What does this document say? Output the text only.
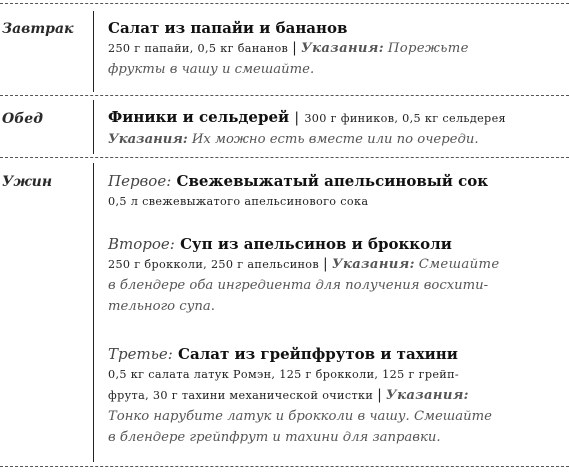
Завтрак Салат из папайи и бананов
250 г папайи, 0,5 кг бананов | Указания: Порежьте
фрукты в чашу и смешайте.
Обед	Финики и сельдерей | 300 г фиников, 0,5 кг сельдерея
Указания: Их можно есть вместе или по очереди.
Ужин	Первое: Свежевыжатый апельсиновый сок
0,5 л свежевыжатого апельсинового сока
Второе: Суп из апельсинов и брокколи
250 г брокколи, 250 г апельсинов | Указания: Смешайте
в блендере оба ингредиента для получения восхити-
тельного супа.
Третье: Салат из грейпфрутов и тахини
0,5 кг салата латук Ромэн, 125 г брокколи, 125 г грейп-
фрута, 30 г тахини механической очистки | Указания:
Тонко нарубите латук и брокколи в чашу. Смешайте
в блендере грейпфрут и тахини для заправки.
